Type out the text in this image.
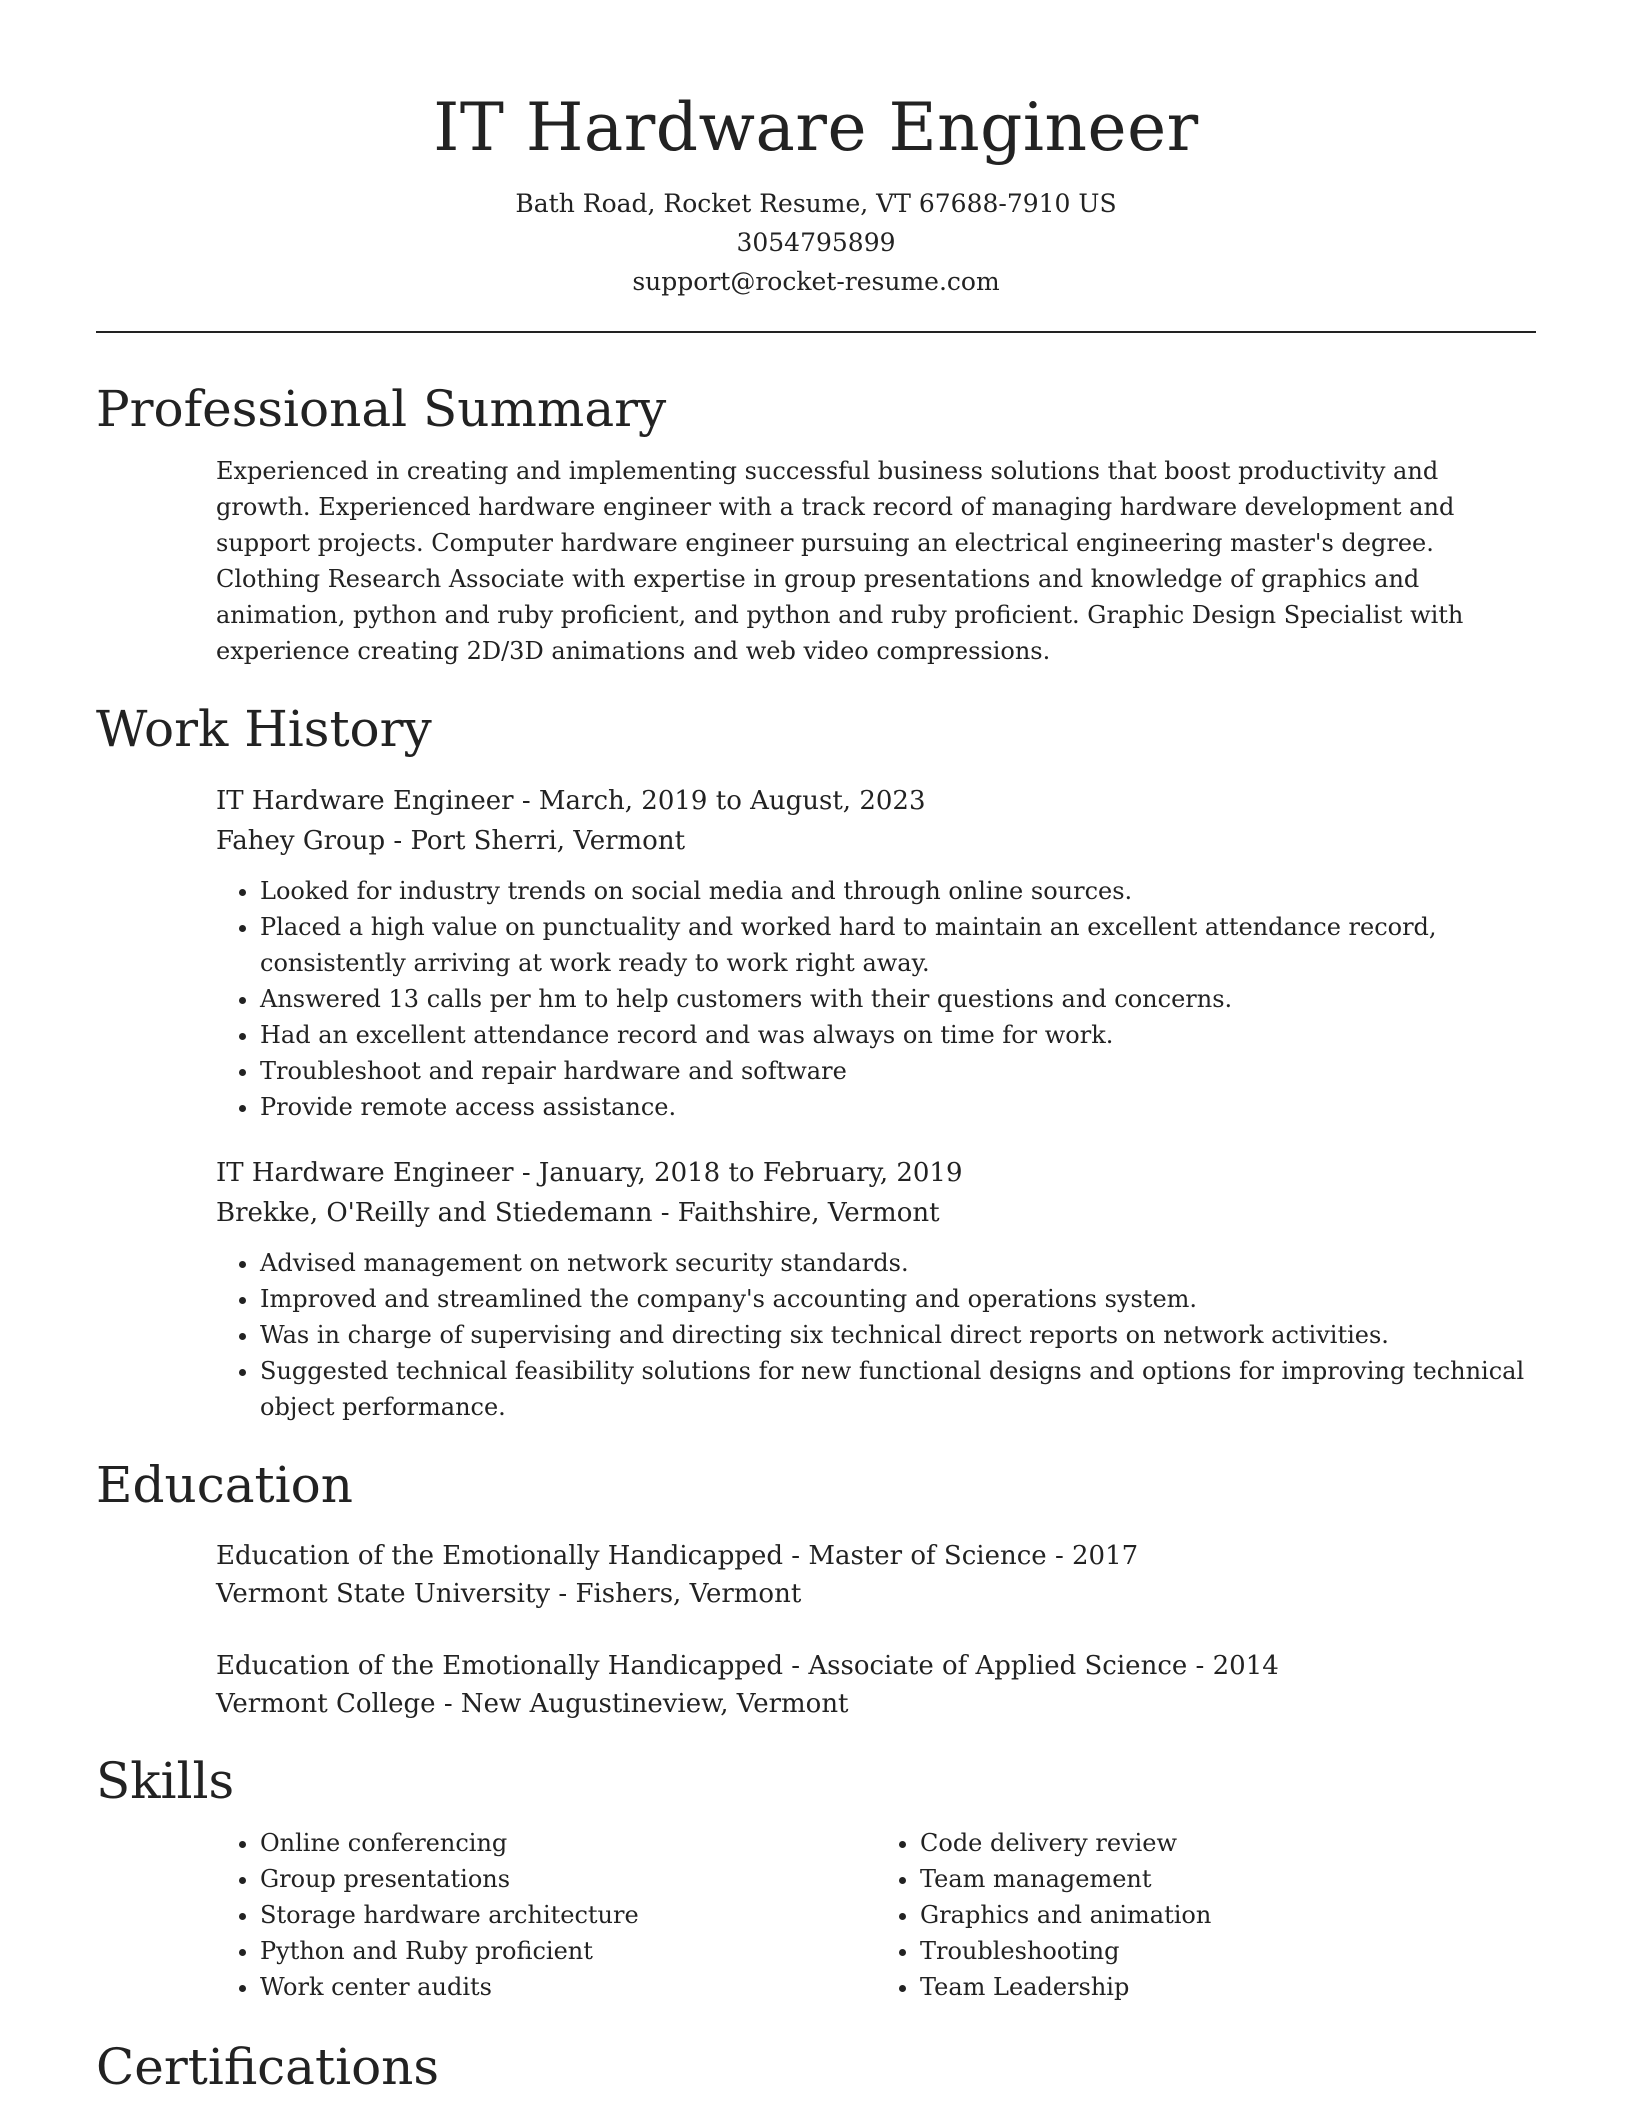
IT Hardware Engineer
Bath Road, Rocket Resume, VT 67688-7910 US
3054795899
support@rocket-resume.com
Professional Summary

Experienced in creating and implementing successful business solutions that boost productivity and growth. Experienced hardware engineer with a track record of managing hardware development and support projects. Computer hardware engineer pursuing an electrical engineering master's degree. Clothing Research Associate with expertise in group presentations and knowledge of graphics and animation, python and ruby proficient, and python and ruby proficient. Graphic Design Specialist with experience creating 2D/3D animations and web video compressions.

Work History
IT Hardware Engineer - March, 2019 to August, 2023
Fahey Group - Port Sherri, Vermont
• Looked for industry trends on social media and through online sources.
• Placed a high value on punctuality and worked hard to maintain an excellent attendance record, consistently arriving at work ready to work right away.
• Answered 13 calls per hm to help customers with their questions and concerns.
• Had an excellent attendance record and was always on time for work.
• Troubleshoot and repair hardware and software
• Provide remote access assistance.
IT Hardware Engineer - January, 2018 to February, 2019
Brekke, O'Reilly and Stiedemann - Faithshire, Vermont
• Advised management on network security standards.
• Improved and streamlined the company's accounting and operations system.
• Was in charge of supervising and directing six technical direct reports on network activities.
• Suggested technical feasibility solutions for new functional designs and options for improving technical object performance.
Education
Education of the Emotionally Handicapped - Master of Science - 2017
Vermont State University - Fishers, Vermont
Education of the Emotionally Handicapped - Associate of Applied Science - 2014
Vermont College - New Augustineview, Vermont
Skills
• Online conferencing
• Group presentations
• Storage hardware architecture
• Python and Ruby proficient
• Work center audits
• Code delivery review
• Team management
• Graphics and animation
• Troubleshooting
• Team Leadership
Certifications
